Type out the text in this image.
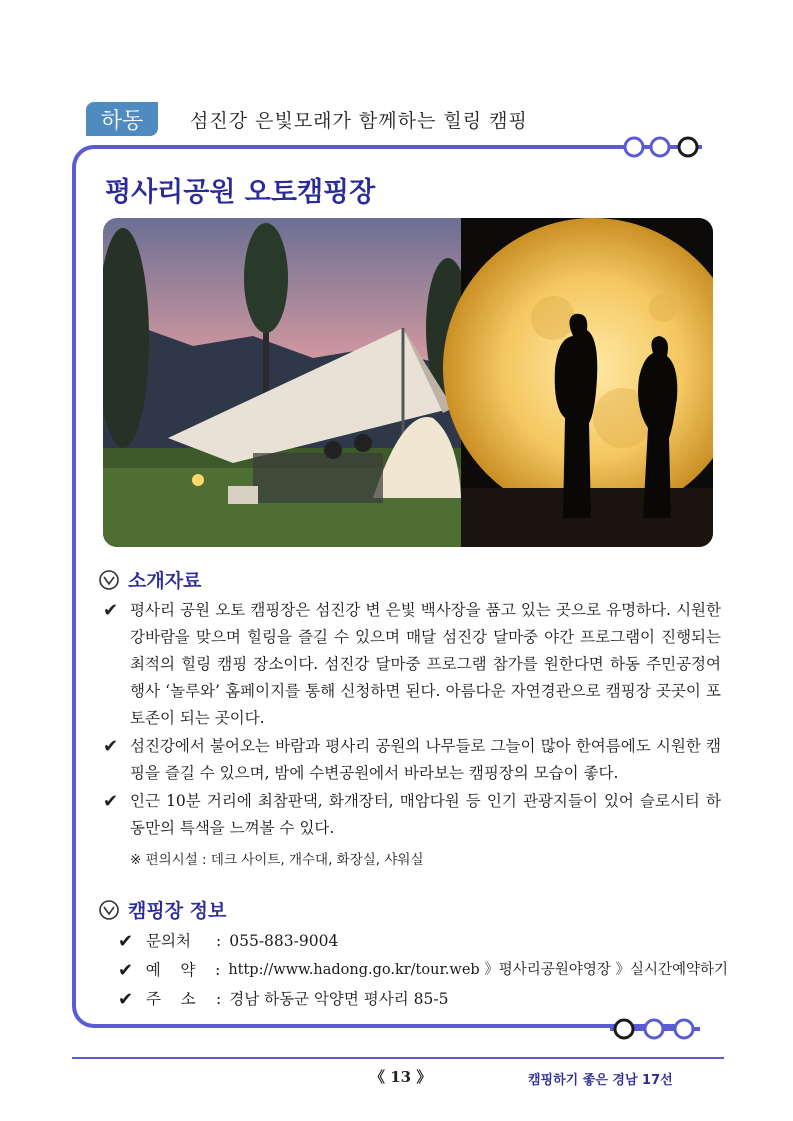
하동	섬진강 은빛모래가 함께하는 힐링 캠핑
평사리공원 오토캠핑장
소개자료
✔ 평사리 공원 오토 캠핑장은 섬진강 변 은빛 백사장을 품고 있는 곳으로 유명하다. 시원한 강바람을 맞으며 힐링을 즐길 수 있으며 매달 섬진강 달마중 야간 프로그램이 진행되는 최적의 힐링 캠핑 장소이다. 섬진강 달마중 프로그램 참가를 원한다면 하동 주민공정여행사 ‘놀루와’ 홈페이지를 통해 신청하면 된다. 아름다운 자연경관으로 캠핑장 곳곳이 포토존이 되는 곳이다.
✔ 섬진강에서 불어오는 바람과 평사리 공원의 나무들로 그늘이 많아 한여름에도 시원한 캠핑을 즐길 수 있으며, 밤에 수변공원에서 바라보는 캠핑장의 모습이 좋다.
✔ 인근 10분 거리에 최참판댁, 화개장터, 매암다원 등 인기 관광지들이 있어 슬로시티 하동만의 특색을 느껴볼 수 있다.
※ 편의시설 : 데크 사이트, 개수대, 화장실, 샤워실
캠핑장 정보
✔ 문의처	: 055-883-9004
✔ 예    약	: http://www.hadong.go.kr/tour.web 》평사리공원야영장 》실시간예약하기
✔ 주    소	: 경남 하동군 악양면 평사리 85-5
《 13 》	캠핑하기 좋은 경남 17선
